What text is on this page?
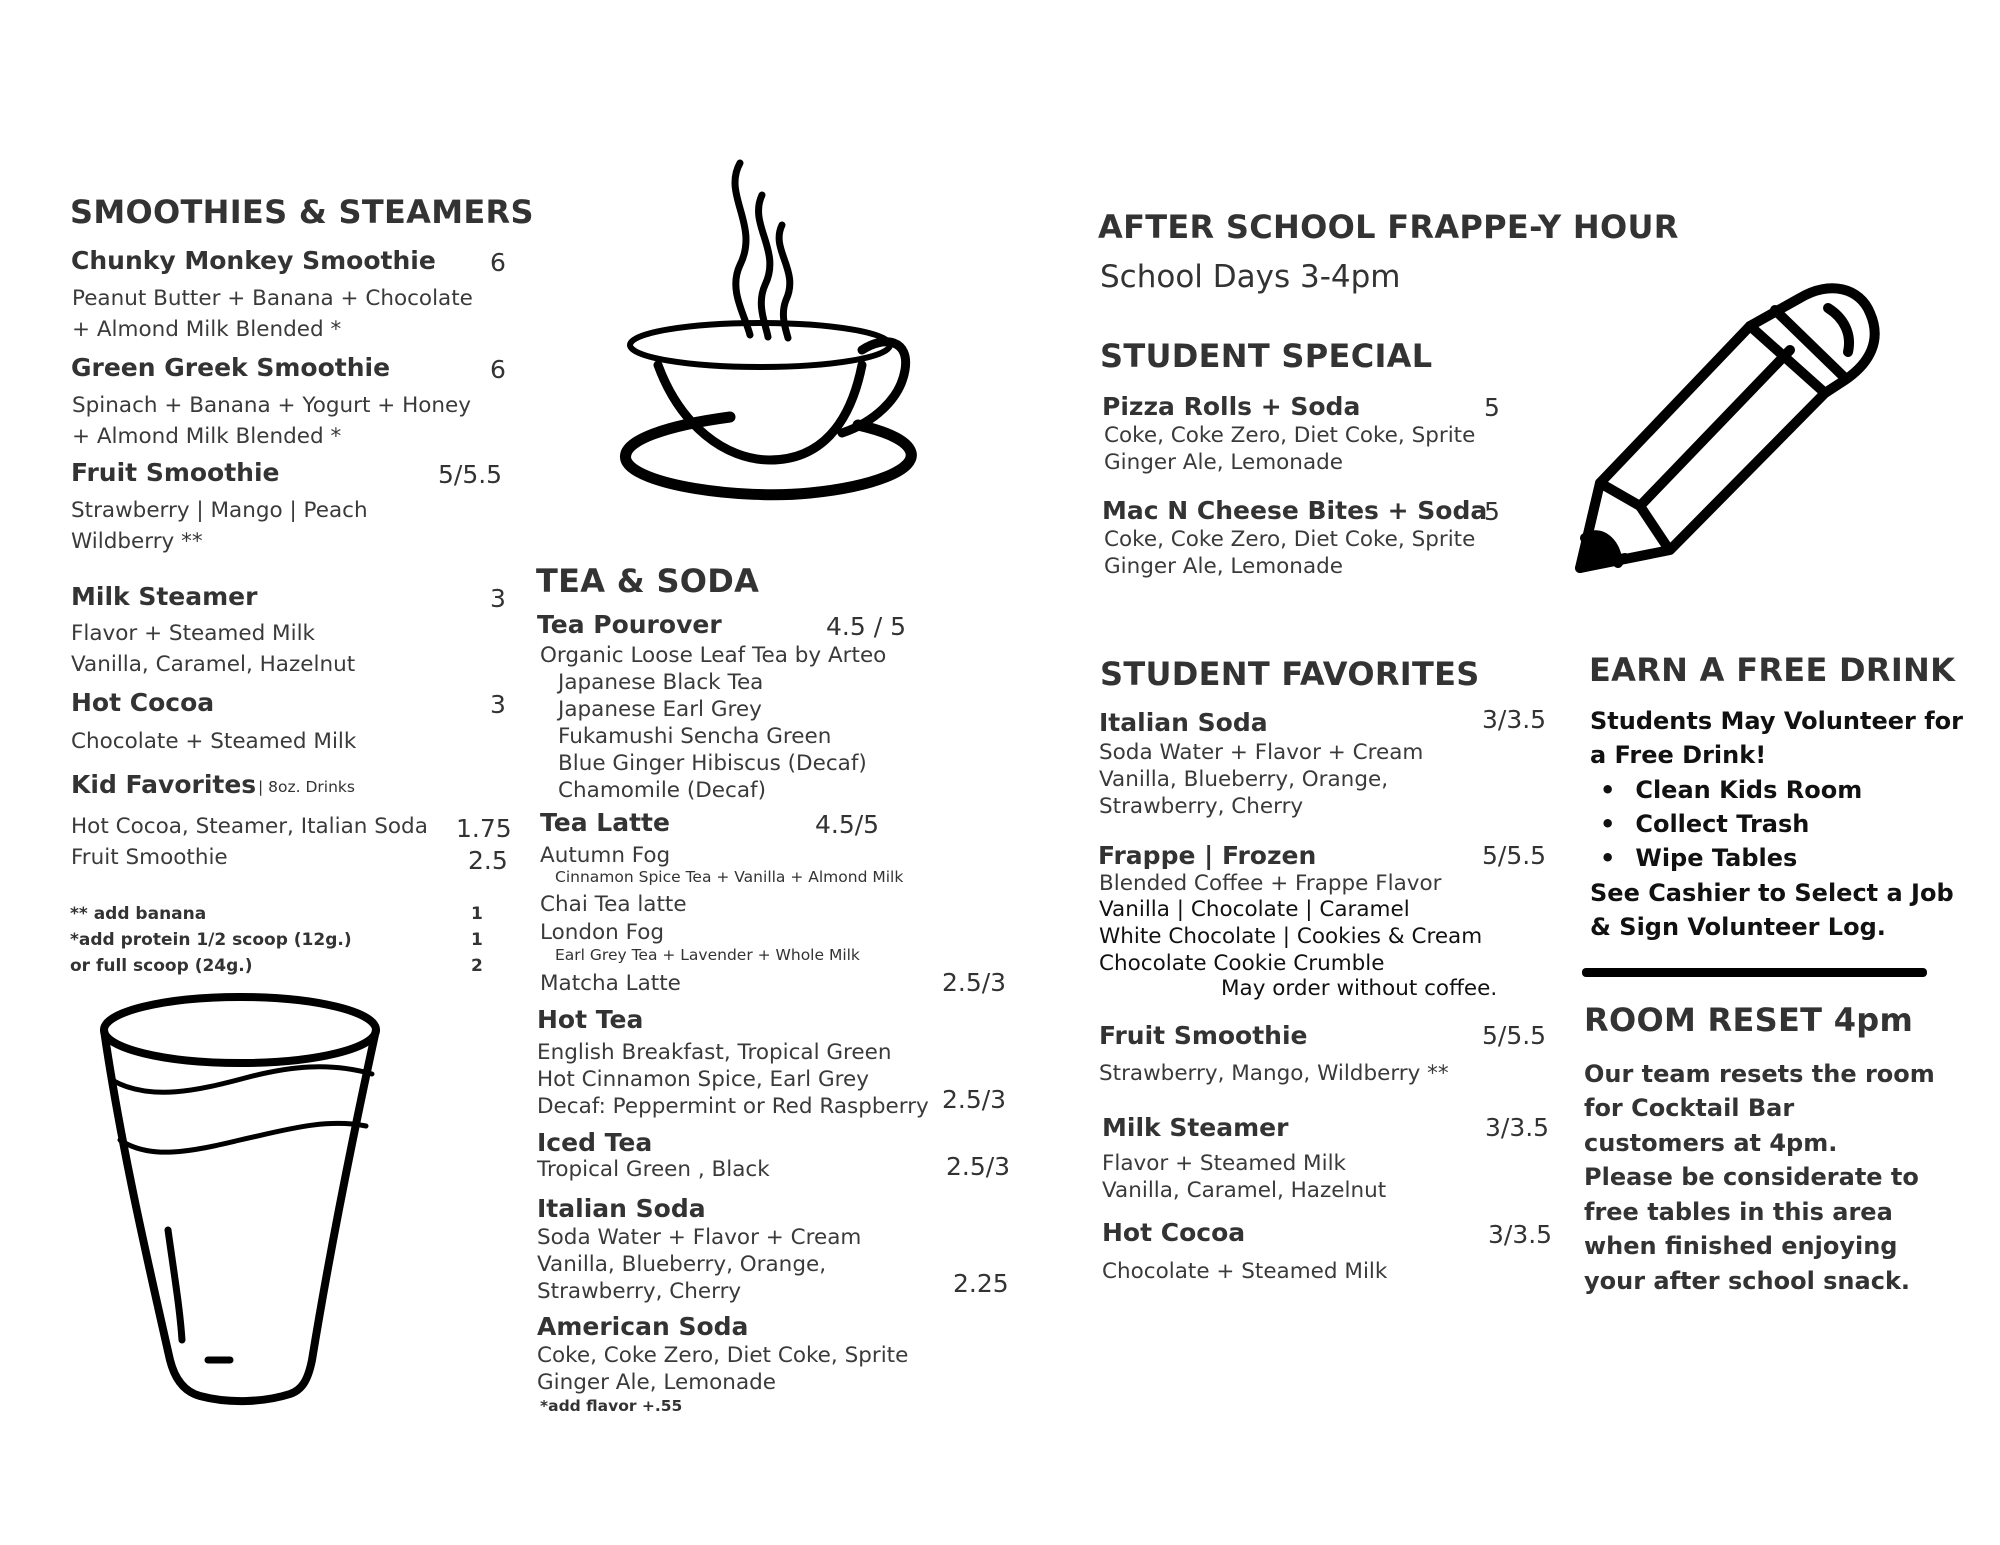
SMOOTHIES & STEAMERS
Chunky Monkey Smoothie 6
Peanut Butter + Banana + Chocolate
+ Almond Milk Blended *
Green Greek Smoothie	6
Spinach + Banana + Yogurt + Honey
+ Almond Milk Blended *
Fruit Smoothie	5/5.5
Strawberry | Mango | Peach
Wildberry **
Milk Steamer	3
Flavor + Steamed Milk
Vanilla, Caramel, Hazelnut
Hot Cocoa	3
Chocolate + Steamed Milk
Kid Favorites | 8oz. Drinks
Hot Cocoa, Steamer, Italian Soda 1.75
Fruit Smoothie	2.5
** add banana	1
*add protein 1/2 scoop (12g.)	1
or full scoop (24g.)	2
TEA & SODA
Tea Pourover	4.5 / 5
Organic Loose Leaf Tea by Arteo
Japanese Black Tea
Japanese Earl Grey
Fukamushi Sencha Green
Blue Ginger Hibiscus (Decaf)
Chamomile (Decaf)
Tea Latte	4.5/5
Autumn Fog
Cinnamon Spice Tea + Vanilla + Almond Milk
Chai Tea latte
London Fog
Earl Grey Tea + Lavender + Whole Milk
Matcha Latte	2.5/3
Hot Tea
English Breakfast, Tropical Green
Hot Cinnamon Spice, Earl Grey
Decaf: Peppermint or Red Raspberry 2.5/3
Iced Tea
Tropical Green , Black	2.5/3
Italian Soda
Soda Water + Flavor + Cream
Vanilla, Blueberry, Orange,
Strawberry, Cherry	2.25
American Soda
Coke, Coke Zero, Diet Coke, Sprite
Ginger Ale, Lemonade
*add flavor +.55
AFTER SCHOOL FRAPPE-Y HOUR
School Days 3-4pm
STUDENT SPECIAL
Pizza Rolls + Soda	5
Coke, Coke Zero, Diet Coke, Sprite
Ginger Ale, Lemonade
Mac N Cheese Bites + Soda
5
Coke, Coke Zero, Diet Coke, Sprite
Ginger Ale, Lemonade
STUDENT FAVORITES
Italian Soda	3/3.5
Soda Water + Flavor + Cream
Vanilla, Blueberry, Orange,
Strawberry, Cherry
Frappe | Frozen	5/5.5
Blended Coffee + Frappe Flavor
Vanilla | Chocolate | Caramel
White Chocolate | Cookies & Cream
Chocolate Cookie Crumble
May order without coffee.
Fruit Smoothie	5/5.5
Strawberry, Mango, Wildberry **
Milk Steamer	3/3.5
Flavor + Steamed Milk
Vanilla, Caramel, Hazelnut
Hot Cocoa	3/3.5
Chocolate + Steamed Milk
EARN A FREE DRINK
Students May Volunteer for
a Free Drink!
• Clean Kids Room
• Collect Trash
• Wipe Tables
See Cashier to Select a Job
& Sign Volunteer Log.
ROOM RESET 4pm
Our team resets the room
for Cocktail Bar
customers at 4pm.
Please be considerate to
free tables in this area
when finished enjoying
your after school snack.
